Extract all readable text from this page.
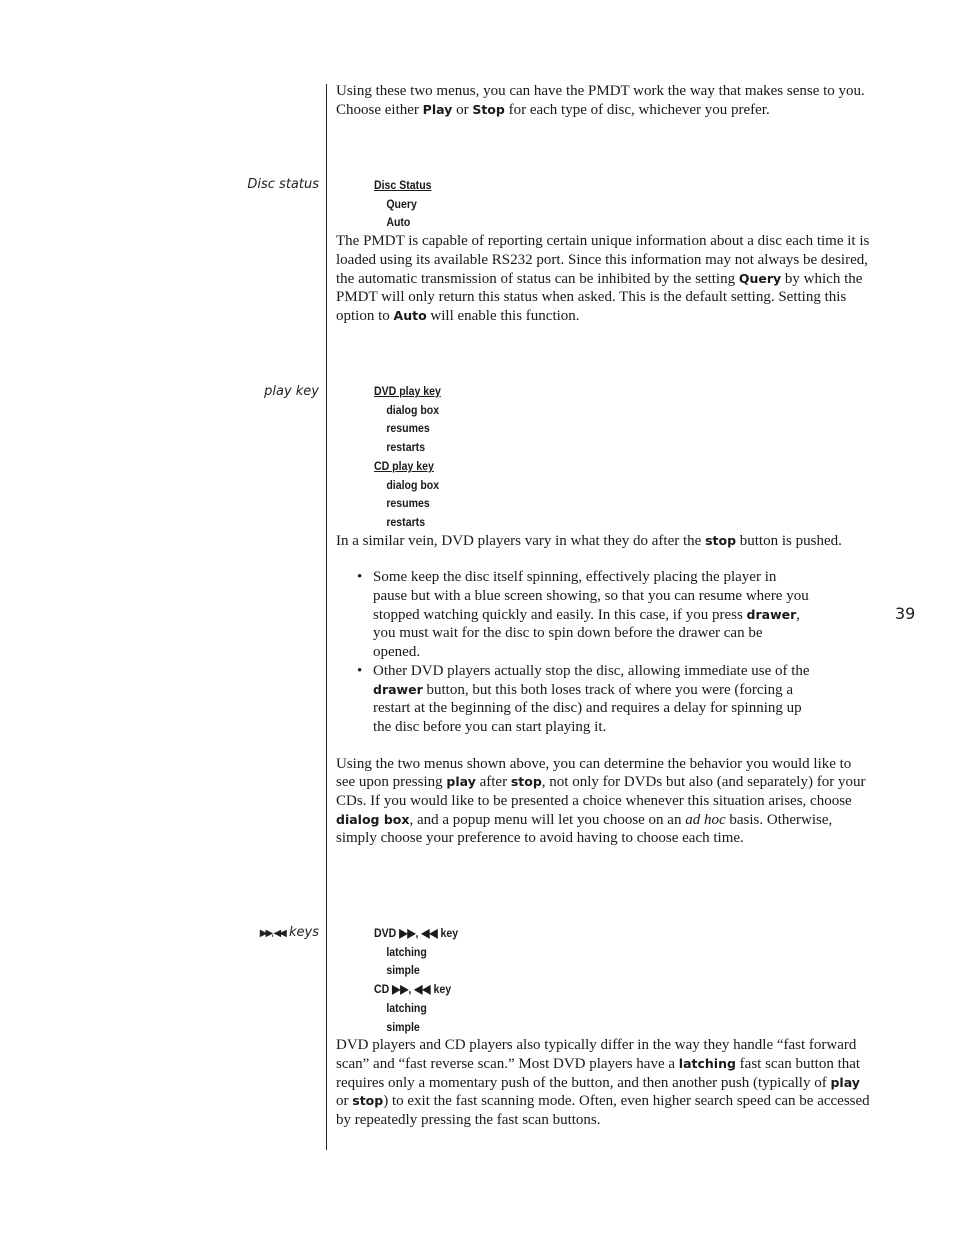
Disc status
play key
▶▶, ◀◀ keys
39

Using these two menus, you can have the PMDT work the way that makes sense to you. Choose either Play or Stop for each type of disc, whichever you prefer.

Disc Status
Query
Auto

The PMDT is capable of reporting certain unique information about a disc each time it is loaded using its available RS232 port. Since this information may not always be desired, the automatic transmission of status can be inhibited by the setting Query by which the PMDT will only return this status when asked. This is the default setting. Setting this option to Auto will enable this function.

DVD play key
dialog box
resumes
restarts
CD play key
dialog box
resumes
restarts

In a similar vein, DVD players vary in what they do after the stop button is pushed.

• Some keep the disc itself spinning, effectively placing the player in pause but with a blue screen showing, so that you can resume where you stopped watching quickly and easily. In this case, if you press drawer, you must wait for the disc to spin down before the drawer can be opened.
• Other DVD players actually stop the disc, allowing immediate use of the drawer button, but this both loses track of where you were (forcing a restart at the beginning of the disc) and requires a delay for spinning up the disc before you can start playing it.

Using the two menus shown above, you can determine the behavior you would like to see upon pressing play after stop, not only for DVDs but also (and separately) for your CDs. If you would like to be presented a choice whenever this situation arises, choose dialog box, and a popup menu will let you choose on an ad hoc basis. Otherwise, simply choose your preference to avoid having to choose each time.

DVD ▶▶, ◀◀ key
latching
simple
CD ▶▶, ◀◀ key
latching
simple

DVD players and CD players also typically differ in the way they handle “fast forward scan” and “fast reverse scan.” Most DVD players have a latching fast scan button that requires only a momentary push of the button, and then another push (typically of play or stop) to exit the fast scanning mode. Often, even higher search speed can be accessed by repeatedly pressing the fast scan buttons.
